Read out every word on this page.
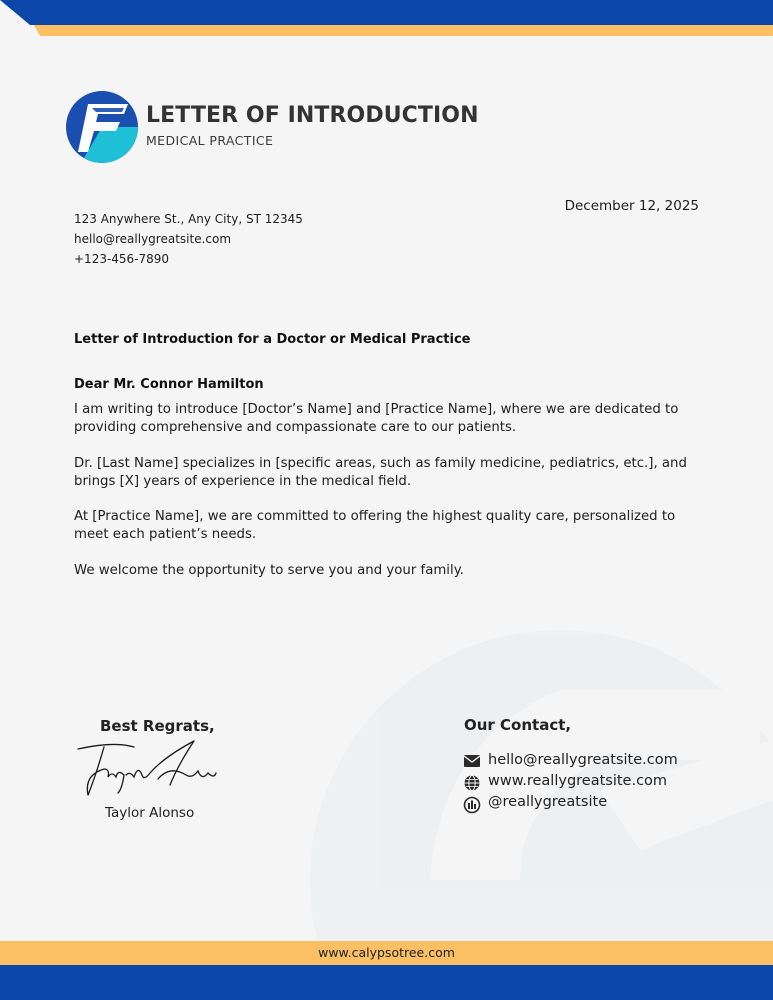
LETTER OF INTRODUCTION
MEDICAL PRACTICE
123 Anywhere St., Any City, ST 12345
hello@reallygreatsite.com
+123-456-7890
December 12, 2025
Letter of Introduction for a Doctor or Medical Practice
Dear Mr. Connor Hamilton
I am writing to introduce [Doctor’s Name] and [Practice Name], where we are dedicated to providing comprehensive and compassionate care to our patients.
Dr. [Last Name] specializes in [specific areas, such as family medicine, pediatrics, etc.], and brings [X] years of experience in the medical field.
At [Practice Name], we are committed to offering the highest quality care, personalized to meet each patient’s needs.
We welcome the opportunity to serve you and your family.
Best Regrats,
Taylor Alonso
Our Contact,
hello@reallygreatsite.com
www.reallygreatsite.com
@reallygreatsite
www.calypsotree.com
